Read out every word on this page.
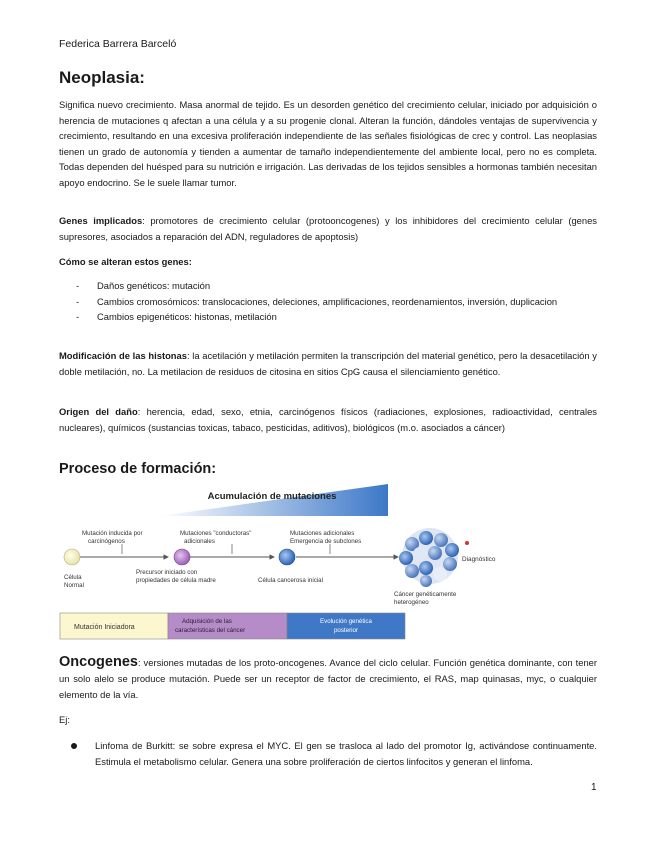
Federica Barrera Barceló
Neoplasia:
Significa nuevo crecimiento. Masa anormal de tejido. Es un desorden genético del crecimiento celular, iniciado por adquisición o herencia de mutaciones q afectan a una célula y a su progenie clonal. Alteran la función, dándoles ventajas de supervivencia y crecimiento, resultando en una excesiva proliferación independiente de las señales fisiológicas de crec y control. Las neoplasias tienen un grado de autonomía y tienden a aumentar de tamaño independientemente del ambiente local, pero no es completa. Todas dependen del huésped para su nutrición e irrigación. Las derivadas de los tejidos sensibles a hormonas también necesitan apoyo endocrino. Se le suele llamar tumor.
Genes implicados: promotores de crecimiento celular (protooncogenes) y los inhibidores del crecimiento celular (genes supresores, asociados a reparación del ADN, reguladores de apoptosis)
Cómo se alteran estos genes:
- Daños genéticos: mutación
- Cambios cromosómicos: translocaciones, deleciones, amplificaciones, reordenamientos, inversión, duplicacion
- Cambios epigenéticos: histonas, metilación
Modificación de las histonas: la acetilación y metilación permiten la transcripción del material genético, pero la desacetilación y doble metilación, no. La metilacion de residuos de citosina en sitios CpG causa el silenciamiento genético.
Origen del daño: herencia, edad, sexo, etnia, carcinógenos físicos (radiaciones, explosiones, radioactividad, centrales nucleares), químicos (sustancias toxicas, tabaco, pesticidas, aditivos), biológicos (m.o. asociados a cáncer)
Proceso de formación:
Acumulación de mutaciones
Mutación inducida por
carcinógenos
Mutaciones "conductoras"
adicionales
Mutaciones adicionales
Emergencia de subclones
Diagnóstico
Célula
Normal
Precursor iniciado con
propiedades de célula madre	Célula cancerosa inicial
Cáncer genéticamente
heterogéneo
Mutación Iniciadora
Adquisición de las
características del cáncer
Evolución genética
posterior
Oncogenes: versiones mutadas de los proto-oncogenes. Avance del ciclo celular. Función genética dominante, con tener un solo alelo se produce mutación. Puede ser un receptor de factor de crecimiento, el RAS, map quinasas, myc, o cualquier elemento de la vía.
Ej:
Linfoma de Burkitt: se sobre expresa el MYC. El gen se trasloca al lado del promotor Ig, activándose continuamente. Estimula el metabolismo celular. Genera una sobre proliferación de ciertos linfocitos y generan el linfoma.
1
